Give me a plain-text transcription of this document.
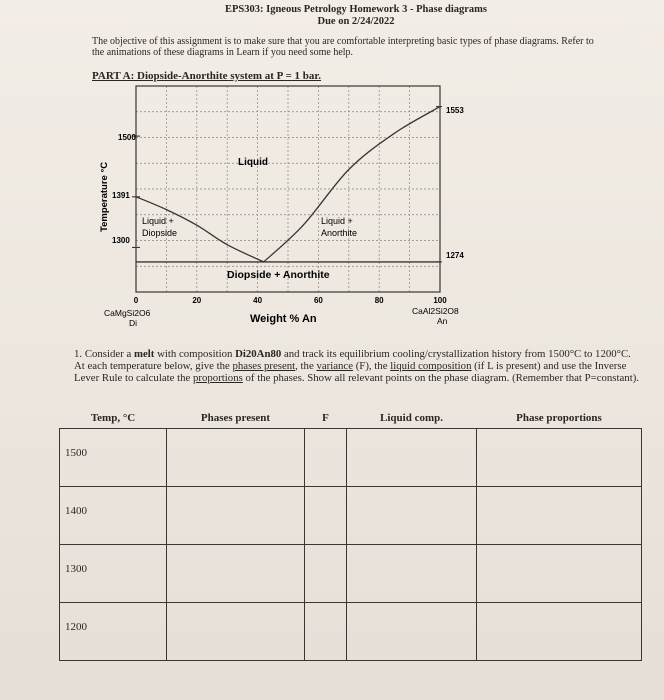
EPS303: Igneous Petrology Homework 3 - Phase diagrams
Due on 2/24/2022
The objective of this assignment is to make sure that you are comfortable interpreting basic types of phase diagrams. Refer to the animations of these diagrams in Learn if you need some help.
PART A: Diopside-Anorthite system at P = 1 bar.
1500
1391
1300
Temperature °C
1553
1274
Liquid
Liquid +
Diopside
Liquid +
Anorthite
Diopside + Anorthite
0	20	40	60	80	100
CaMgSi2O6
Di
CaAl2Si2O8
An
Weight % An
1. Consider a melt with composition Di20An80 and track its equilibrium cooling/crystallization history from 1500°C to 1200°C. At each temperature below, give the phases present, the variance (F), the liquid composition (if L is present) and use the Inverse Lever Rule to calculate the proportions of the phases. Show all relevant points on the phase diagram. (Remember that P=constant).
Temp, °C	Phases present	F	Liquid comp.	Phase proportions
1500				
1400				
1300				
1200				
